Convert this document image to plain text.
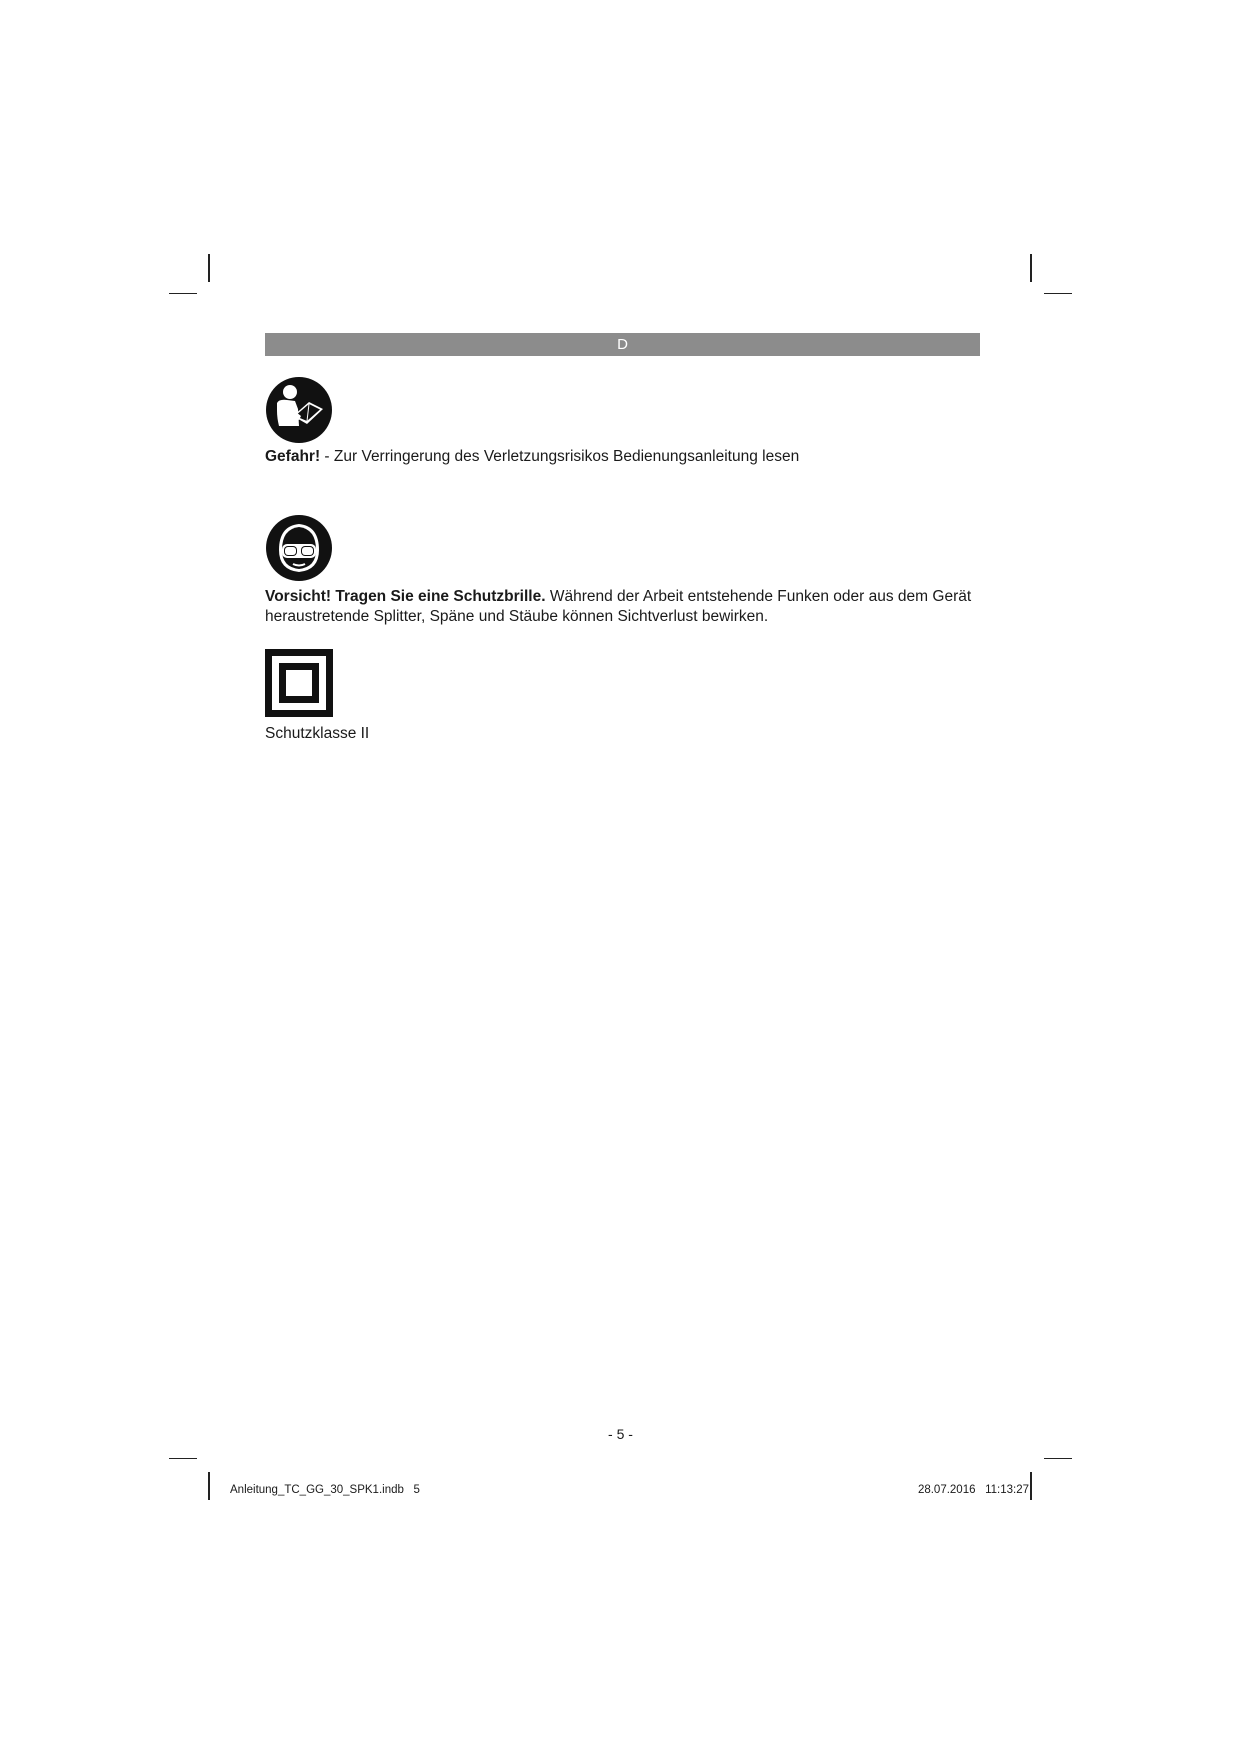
D
Gefahr! - Zur Verringerung des Verletzungsrisikos Bedienungsanleitung lesen
Vorsicht! Tragen Sie eine Schutzbrille. Während der Arbeit entstehende Funken oder aus dem Gerät heraustretende Splitter, Späne und Stäube können Sichtverlust bewirken.
Schutzklasse II
- 5 -
Anleitung_TC_GG_30_SPK1.indb   5	28.07.2016   11:13:27
